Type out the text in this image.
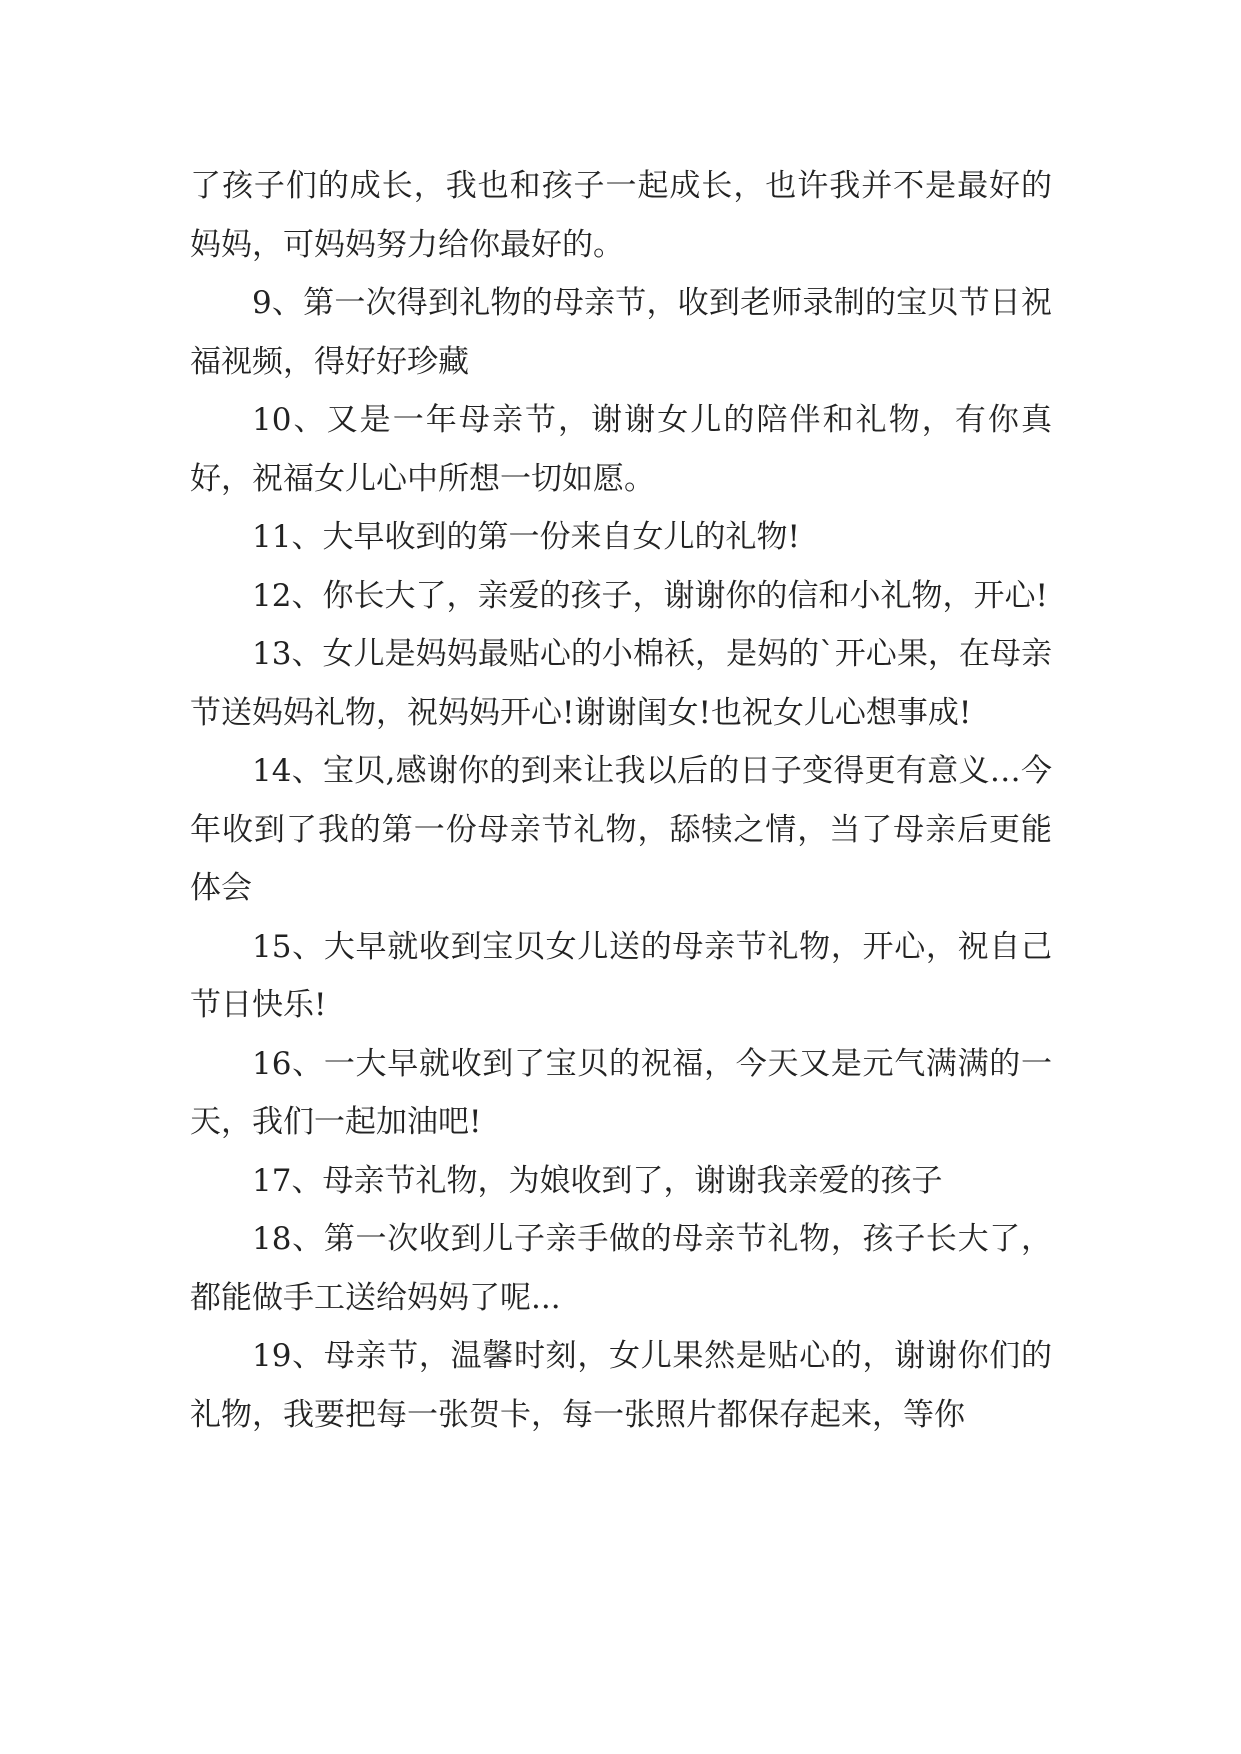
了孩子们的成长，我也和孩子一起成长，也许我并不是最好的妈妈，可妈妈努力给你最好的。

9、第一次得到礼物的母亲节，收到老师录制的宝贝节日祝福视频，得好好珍藏

10、又是一年母亲节，谢谢女儿的陪伴和礼物，有你真好，祝福女儿心中所想一切如愿。

11、大早收到的第一份来自女儿的礼物!

12、你长大了，亲爱的孩子，谢谢你的信和小礼物，开心!

13、女儿是妈妈最贴心的小棉袄，是妈的`开心果，在母亲节送妈妈礼物，祝妈妈开心!谢谢闺女!也祝女儿心想事成!

14、宝贝,感谢你的到来让我以后的日子变得更有意义…今年收到了我的第一份母亲节礼物，舔犊之情，当了母亲后更能体会

15、大早就收到宝贝女儿送的母亲节礼物，开心，祝自己节日快乐!

16、一大早就收到了宝贝的祝福，今天又是元气满满的一天，我们一起加油吧!

17、母亲节礼物，为娘收到了，谢谢我亲爱的孩子

18、第一次收到儿子亲手做的母亲节礼物，孩子长大了，都能做手工送给妈妈了呢...

19、母亲节，温馨时刻，女儿果然是贴心的，谢谢你们的礼物，我要把每一张贺卡，每一张照片都保存起来，等你
